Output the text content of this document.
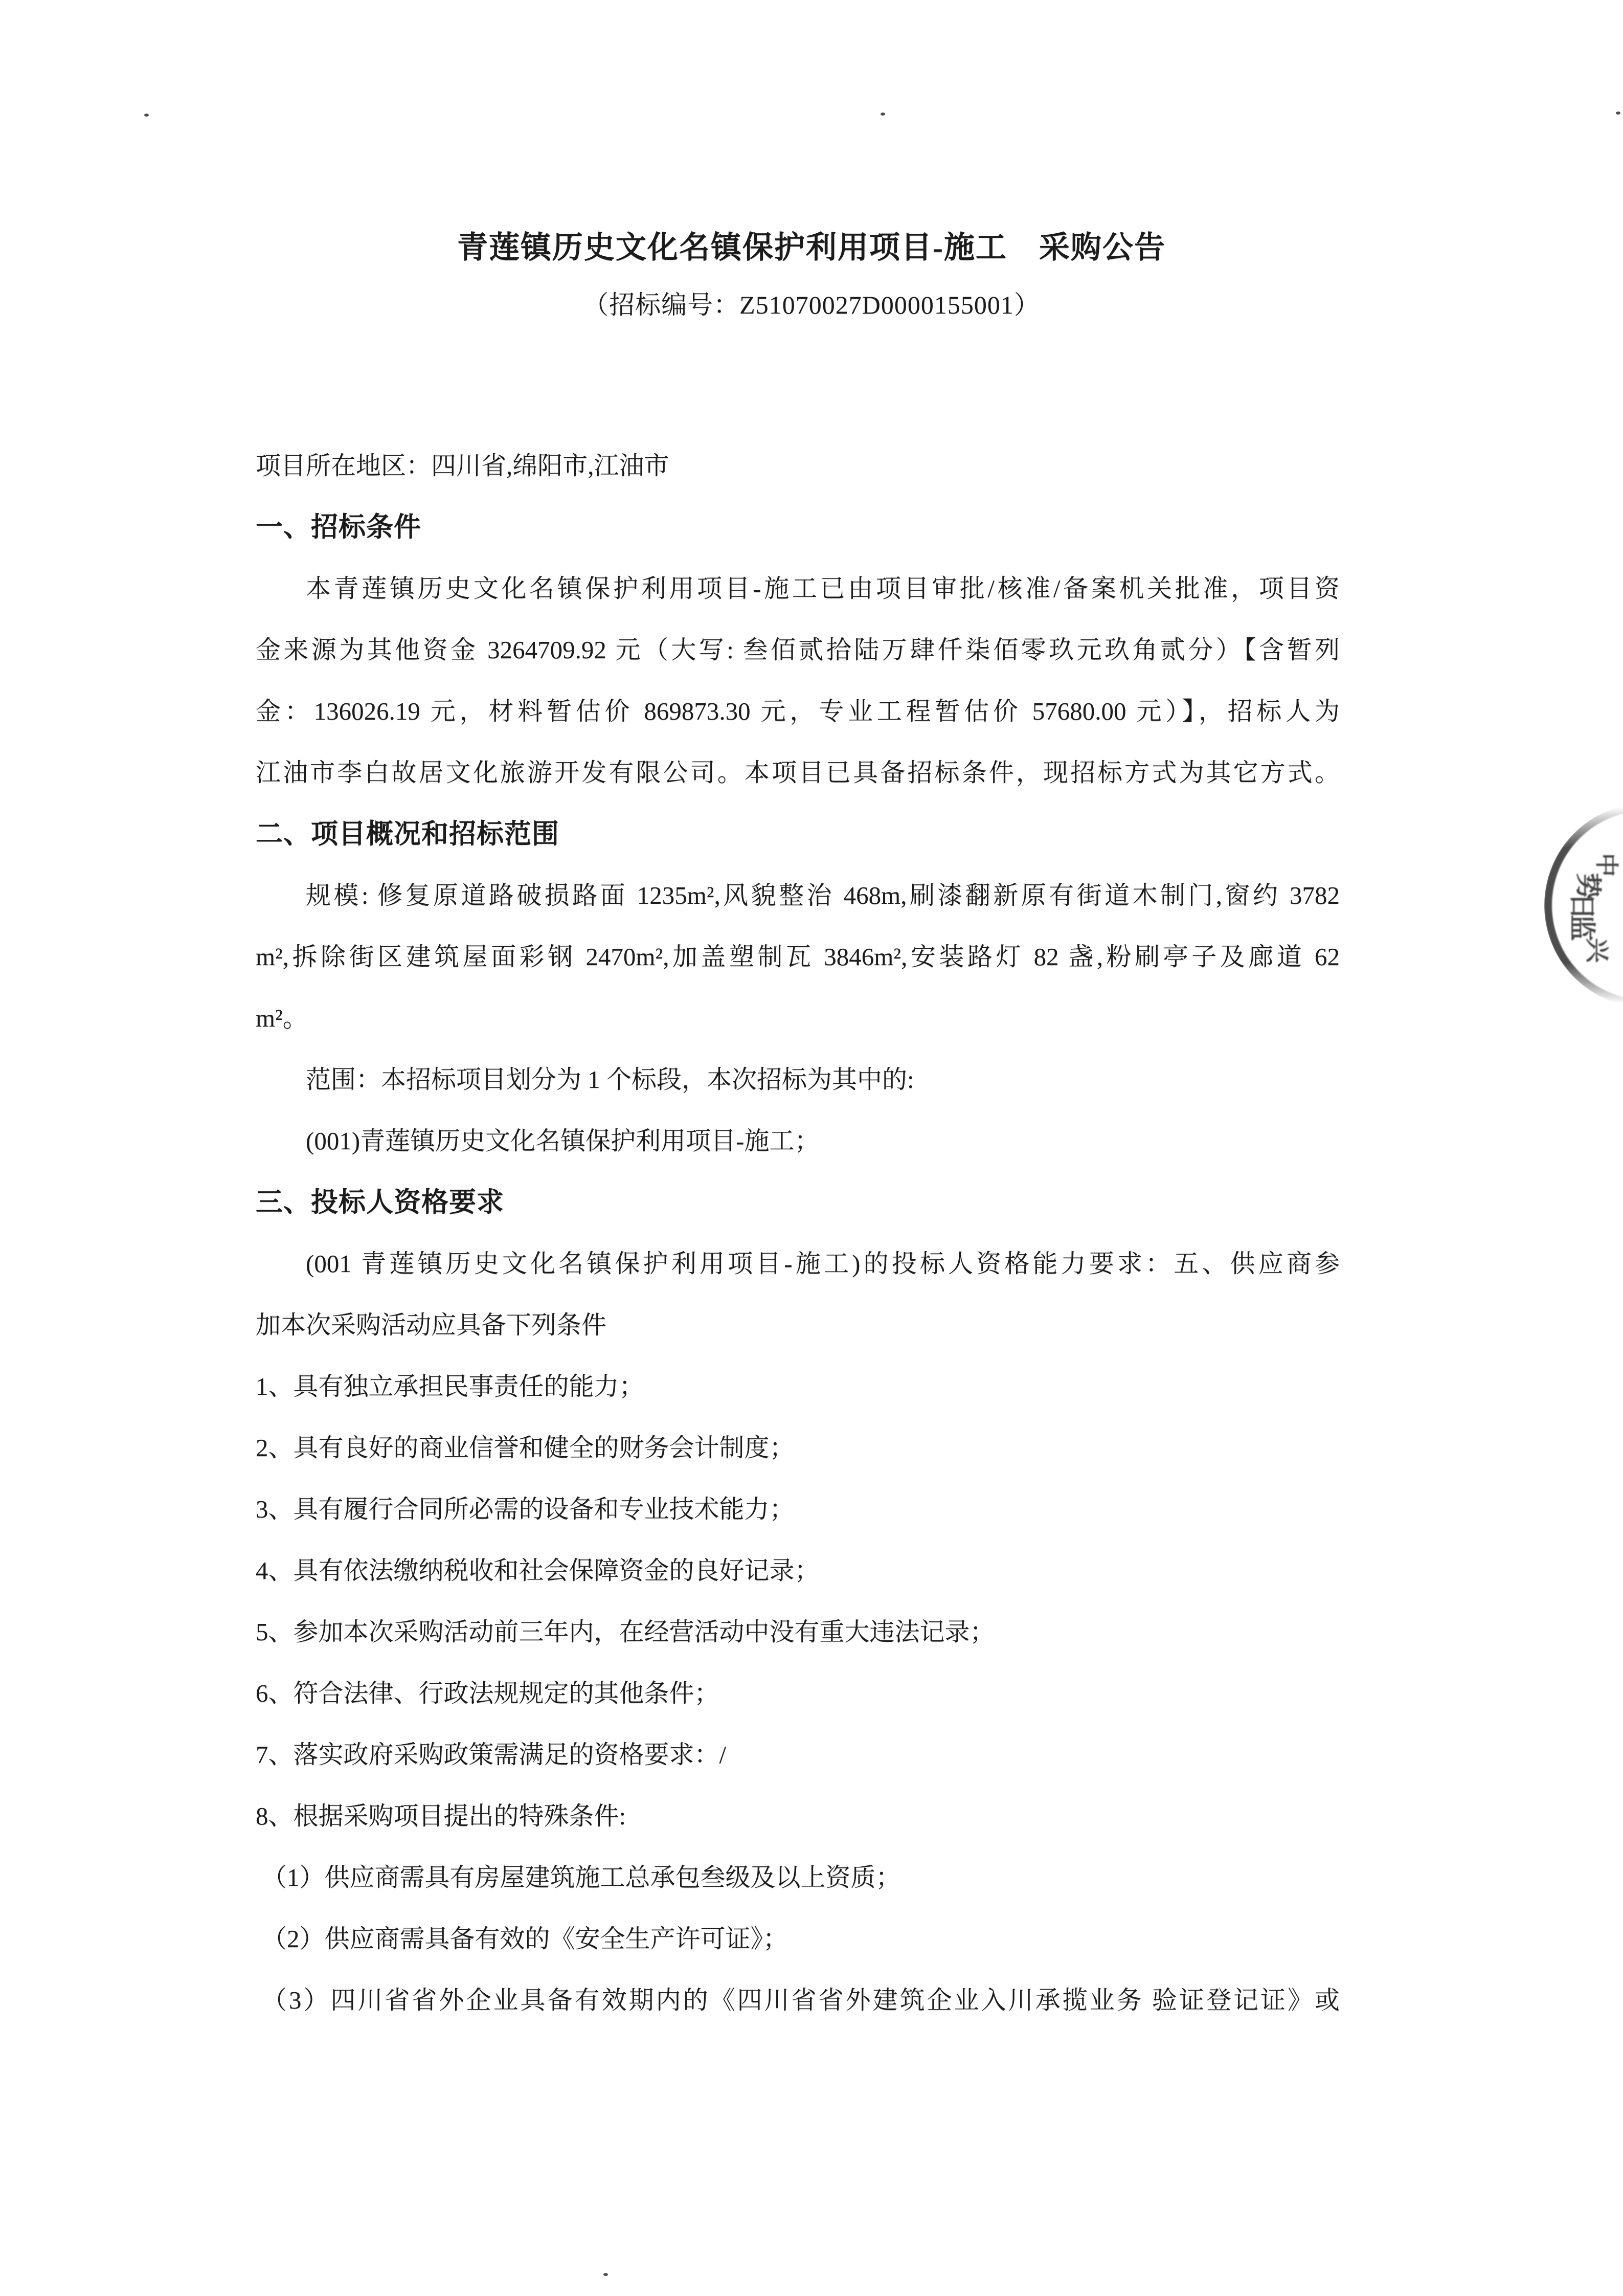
青莲镇历史文化名镇保护利用项目-施工　采购公告
（招标编号：Z51070027D0000155001）
项目所在地区：四川省,绵阳市,江油市
一、招标条件
本青莲镇历史文化名镇保护利用项目-施工已由项目审批/核准/备案机关批准，项目资
金来源为其他资金 3264709.92 元（大写: 叁佰贰拾陆万肆仟柒佰零玖元玖角贰分）【含暂列
金：136026.19 元，材料暂估价 869873.30 元，专业工程暂估价 57680.00 元）】，招标人为
江油市李白故居文化旅游开发有限公司。本项目已具备招标条件，现招标方式为其它方式。
二、项目概况和招标范围
规模: 修复原道路破损路面 1235m²,风貌整治 468m,刷漆翻新原有街道木制门,窗约 3782
m²,拆除街区建筑屋面彩钢 2470m²,加盖塑制瓦 3846m²,安装路灯 82 盏,粉刷亭子及廊道 62
m²。
范围：本招标项目划分为 1 个标段，本次招标为其中的:
(001)青莲镇历史文化名镇保护利用项目-施工；
三、投标人资格要求
(001 青莲镇历史文化名镇保护利用项目-施工)的投标人资格能力要求：五、供应商参
加本次采购活动应具备下列条件
1、具有独立承担民事责任的能力；
2、具有良好的商业信誉和健全的财务会计制度；
3、具有履行合同所必需的设备和专业技术能力；
4、具有依法缴纳税收和社会保障资金的良好记录；
5、参加本次采购活动前三年内，在经营活动中没有重大违法记录；
6、符合法律、行政法规规定的其他条件；
7、落实政府采购政策需满足的资格要求：/
8、根据采购项目提出的特殊条件:
（1）供应商需具有房屋建筑施工总承包叁级及以上资质；
（2）供应商需具备有效的《安全生产许可证》；
（3）四川省省外企业具备有效期内的《四川省省外建筑企业入川承揽业务 验证登记证》或
中
势
日
监
兴
